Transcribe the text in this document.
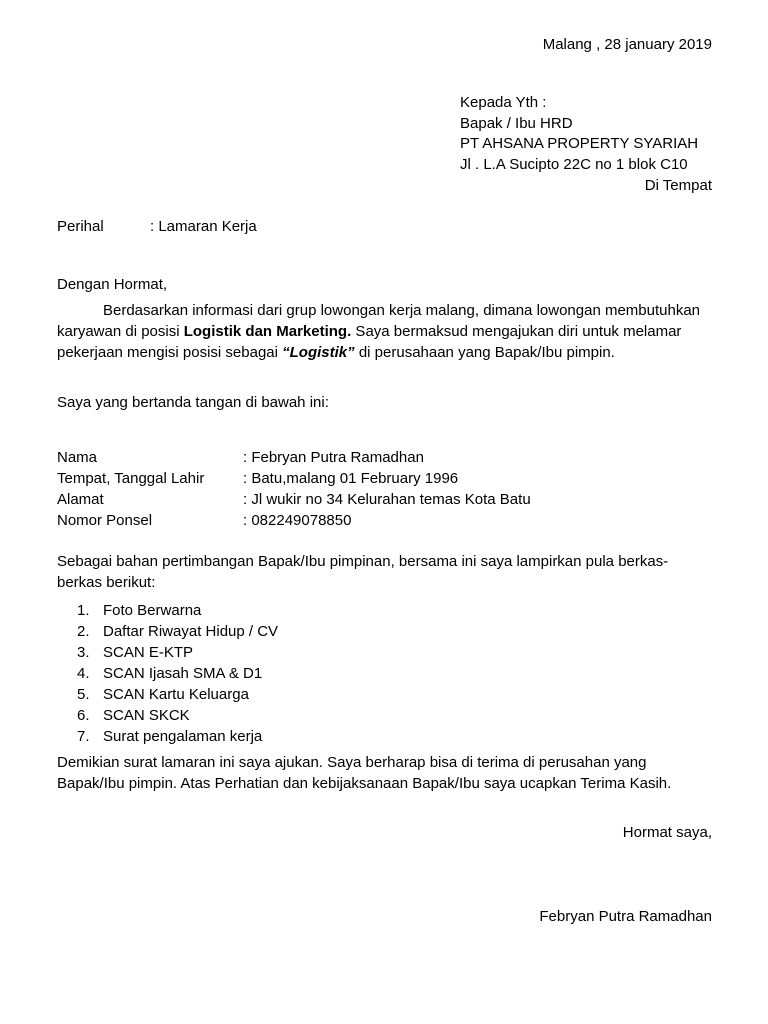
Malang , 28 january 2019
Kepada Yth :
Bapak / Ibu HRD
PT AHSANA PROPERTY SYARIAH
Jl . L.A Sucipto 22C no 1 blok C10
Di Tempat
Perihal	: Lamaran Kerja
Dengan Hormat,
Berdasarkan informasi dari grup lowongan kerja malang, dimana lowongan membutuhkan karyawan di posisi Logistik dan Marketing. Saya bermaksud mengajukan diri untuk melamar pekerjaan mengisi posisi sebagai “Logistik” di perusahaan yang Bapak/Ibu pimpin.
Saya yang bertanda tangan di bawah ini:
Nama	: Febryan Putra Ramadhan
Tempat, Tanggal Lahir	: Batu,malang 01 February 1996
Alamat	: Jl wukir no 34 Kelurahan temas Kota Batu
Nomor Ponsel	: 082249078850
Sebagai bahan pertimbangan Bapak/Ibu pimpinan, bersama ini saya lampirkan pula berkas-berkas berikut:
1. Foto Berwarna
2. Daftar Riwayat Hidup / CV
3. SCAN E-KTP
4. SCAN Ijasah SMA & D1
5. SCAN Kartu Keluarga
6. SCAN SKCK
7. Surat pengalaman kerja
Demikian surat lamaran ini saya ajukan. Saya berharap bisa di terima di perusahan yang Bapak/Ibu pimpin. Atas Perhatian dan kebijaksanaan Bapak/Ibu saya ucapkan Terima Kasih.
Hormat saya,
Febryan Putra Ramadhan
